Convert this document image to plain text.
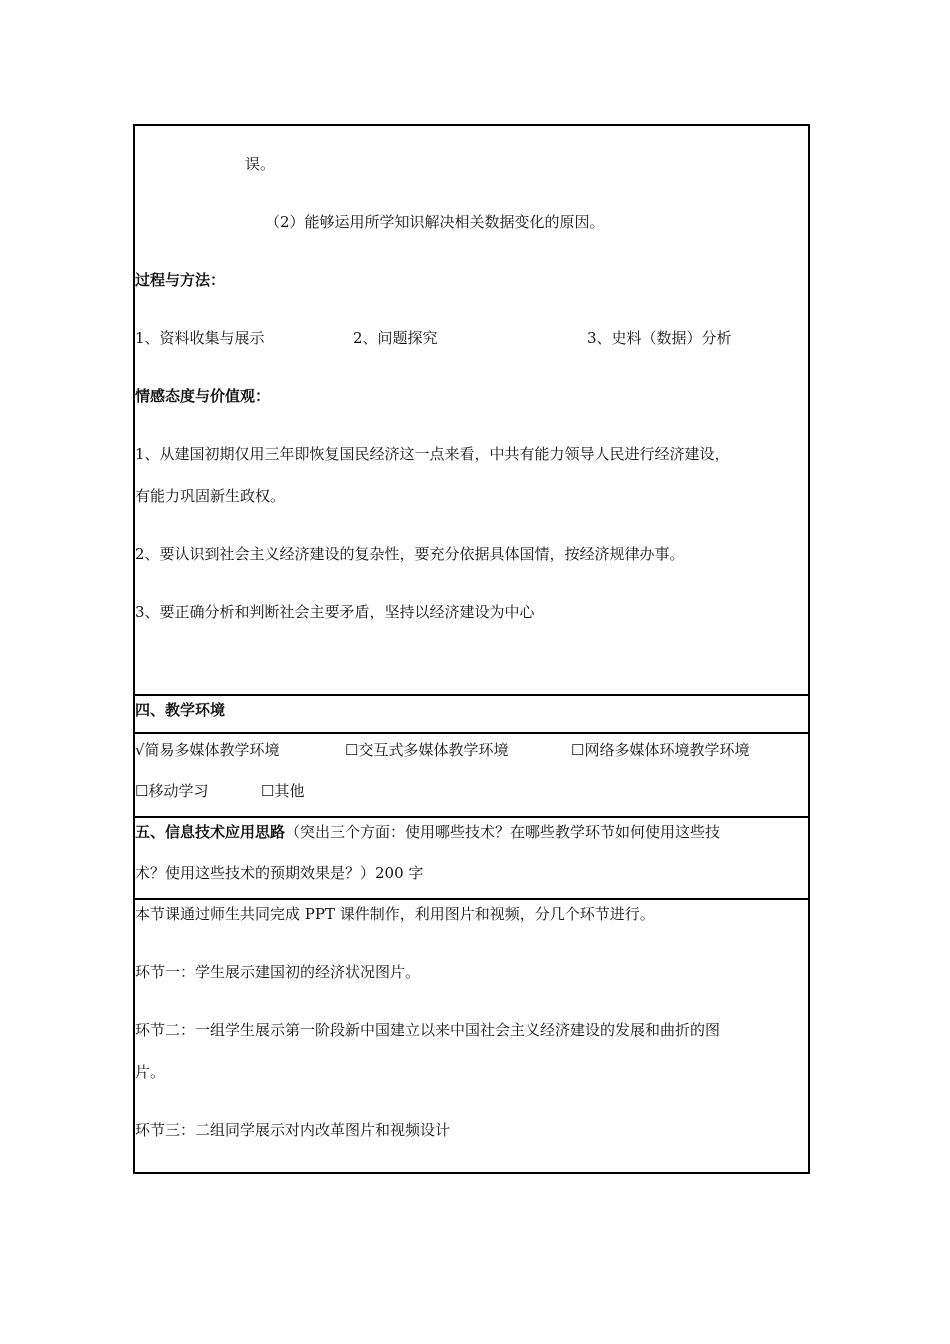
误。
（2）能够运用所学知识解决相关数据变化的原因。
过程与方法：
1、资料收集与展示	2、问题探究	3、史料（数据）分析
情感态度与价值观：
1、从建国初期仅用三年即恢复国民经济这一点来看，中共有能力领导人民进行经济建设，
有能力巩固新生政权。
2、要认识到社会主义经济建设的复杂性，要充分依据具体国情，按经济规律办事。
3、要正确分析和判断社会主要矛盾，坚持以经济建设为中心
四、教学环境
√简易多媒体教学环境	☐交互式多媒体教学环境	☐网络多媒体环境教学环境
☐移动学习	☐其他
五、信息技术应用思路（突出三个方面：使用哪些技术？在哪些教学环节如何使用这些技
术？使用这些技术的预期效果是？）200 字
本节课通过师生共同完成 PPT 课件制作，利用图片和视频，分几个环节进行。
环节一：学生展示建国初的经济状况图片。
环节二：一组学生展示第一阶段新中国建立以来中国社会主义经济建设的发展和曲折的图
片。
环节三：二组同学展示对内改革图片和视频设计
